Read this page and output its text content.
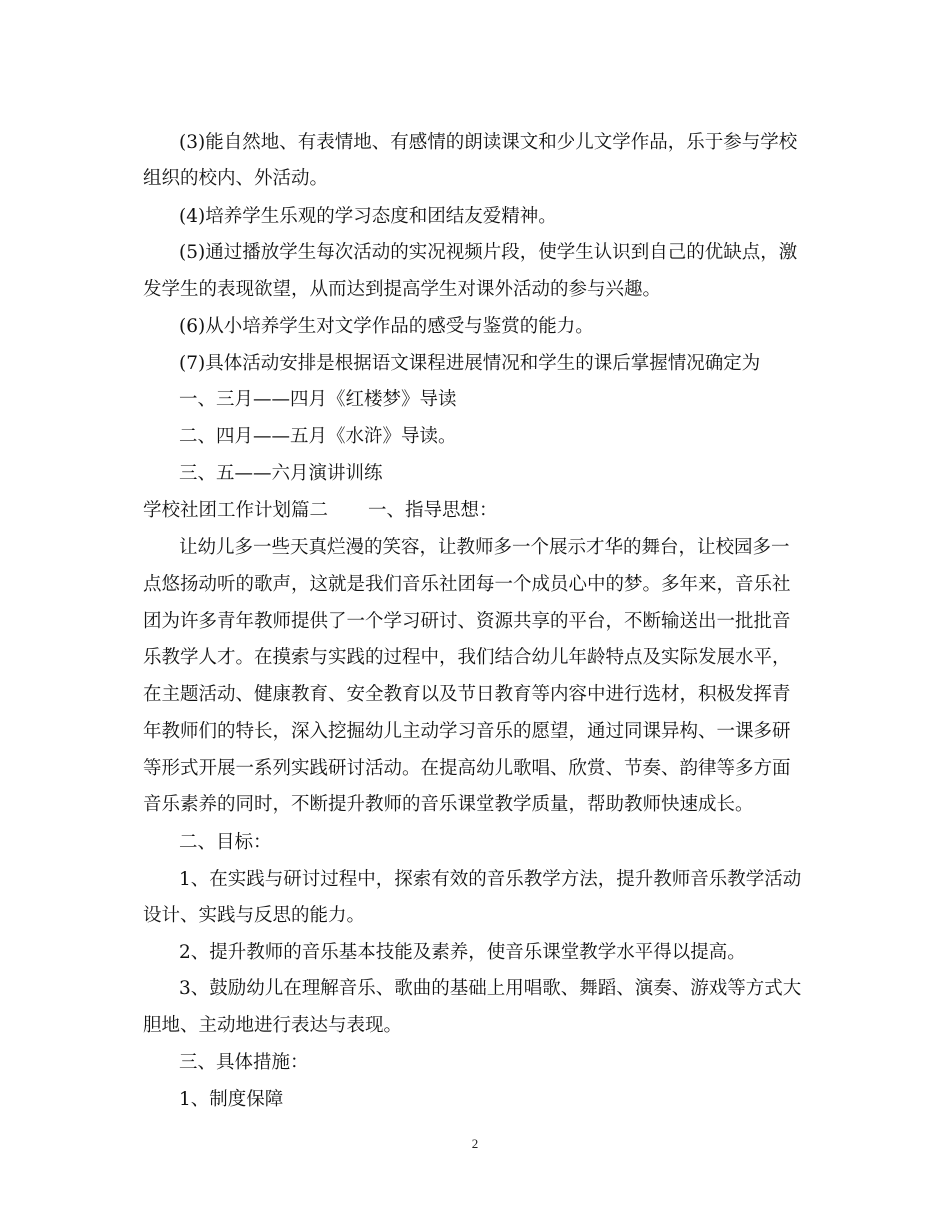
(3)能自然地、有表情地、有感情的朗读课文和少儿文学作品，乐于参与学校
组织的校内、外活动。
(4)培养学生乐观的学习态度和团结友爱精神。
(5)通过播放学生每次活动的实况视频片段，使学生认识到自己的优缺点，激
发学生的表现欲望，从而达到提高学生对课外活动的参与兴趣。
(6)从小培养学生对文学作品的感受与鉴赏的能力。
(7)具体活动安排是根据语文课程进展情况和学生的课后掌握情况确定为
一、三月——四月《红楼梦》导读
二、四月——五月《水浒》导读。
三、五——六月演讲训练
学校社团工作计划篇二 一、指导思想：
让幼儿多一些天真烂漫的笑容，让教师多一个展示才华的舞台，让校园多一
点悠扬动听的歌声，这就是我们音乐社团每一个成员心中的梦。多年来，音乐社
团为许多青年教师提供了一个学习研讨、资源共享的平台，不断输送出一批批音
乐教学人才。在摸索与实践的过程中，我们结合幼儿年龄特点及实际发展水平，
在主题活动、健康教育、安全教育以及节日教育等内容中进行选材，积极发挥青
年教师们的特长，深入挖掘幼儿主动学习音乐的愿望，通过同课异构、一课多研
等形式开展一系列实践研讨活动。在提高幼儿歌唱、欣赏、节奏、韵律等多方面
音乐素养的同时，不断提升教师的音乐课堂教学质量，帮助教师快速成长。
二、目标：
1、在实践与研讨过程中，探索有效的音乐教学方法，提升教师音乐教学活动
设计、实践与反思的能力。
2、提升教师的音乐基本技能及素养，使音乐课堂教学水平得以提高。
3、鼓励幼儿在理解音乐、歌曲的基础上用唱歌、舞蹈、演奏、游戏等方式大
胆地、主动地进行表达与表现。
三、具体措施：
1、制度保障
2
